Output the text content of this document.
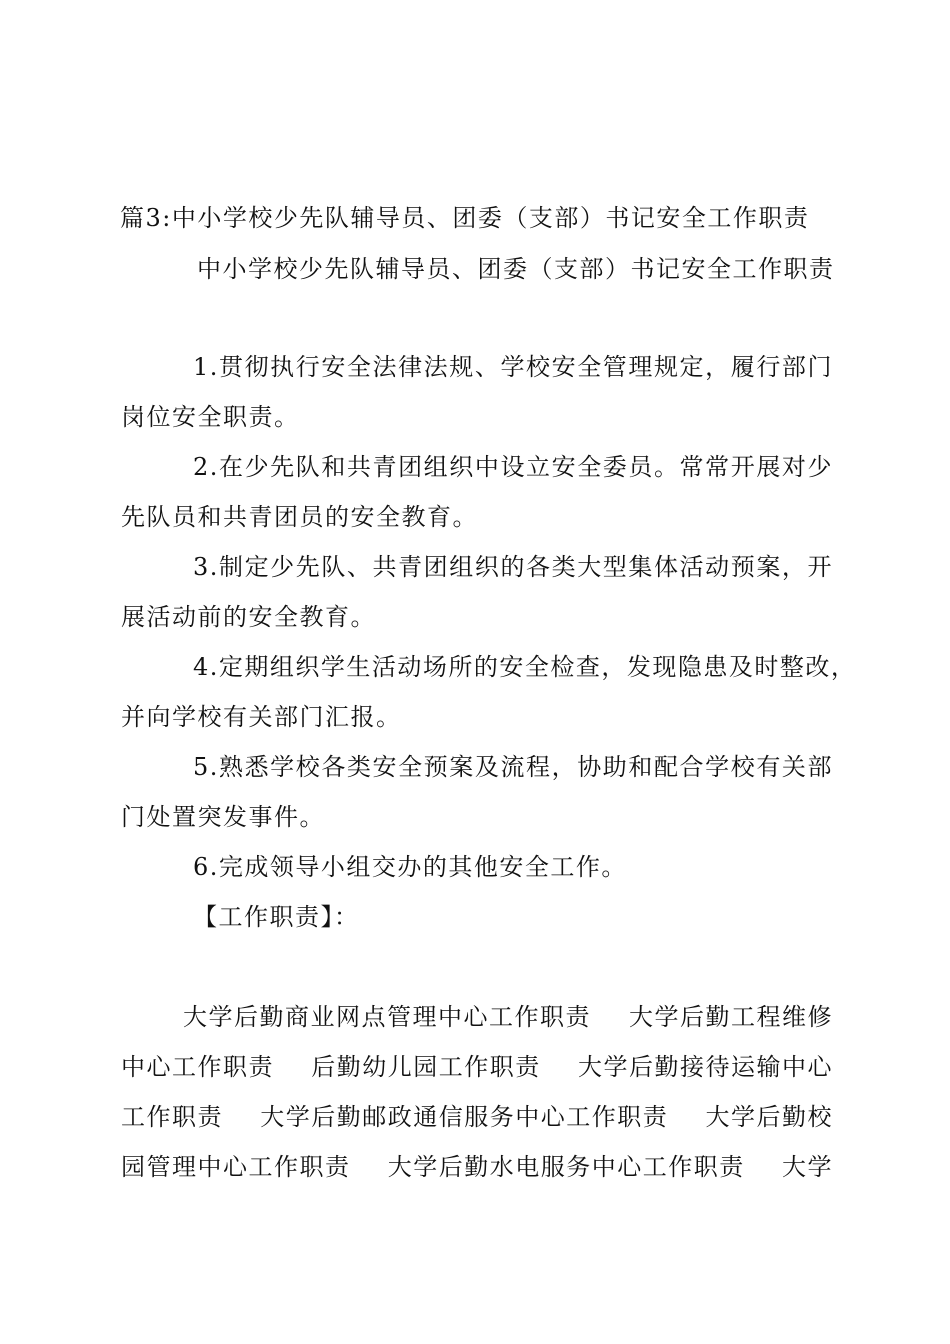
篇3:中小学校少先队辅导员、团委（支部）书记安全工作职责
中小学校少先队辅导员、团委（支部）书记安全工作职责
1.贯彻执行安全法律法规、学校安全管理规定，履行部门
岗位安全职责。
2.在少先队和共青团组织中设立安全委员。常常开展对少
先队员和共青团员的安全教育。
3.制定少先队、共青团组织的各类大型集体活动预案，开
展活动前的安全教育。
4.定期组织学生活动场所的安全检查，发现隐患及时整改，
并向学校有关部门汇报。
5.熟悉学校各类安全预案及流程，协助和配合学校有关部
门处置突发事件。
6.完成领导小组交办的其他安全工作。
【工作职责】：
大学后勤商业网点管理中心工作职责 大学后勤工程维修
中心工作职责 后勤幼儿园工作职责 大学后勤接待运输中心
工作职责 大学后勤邮政通信服务中心工作职责 大学后勤校
园管理中心工作职责 大学后勤水电服务中心工作职责 大学
